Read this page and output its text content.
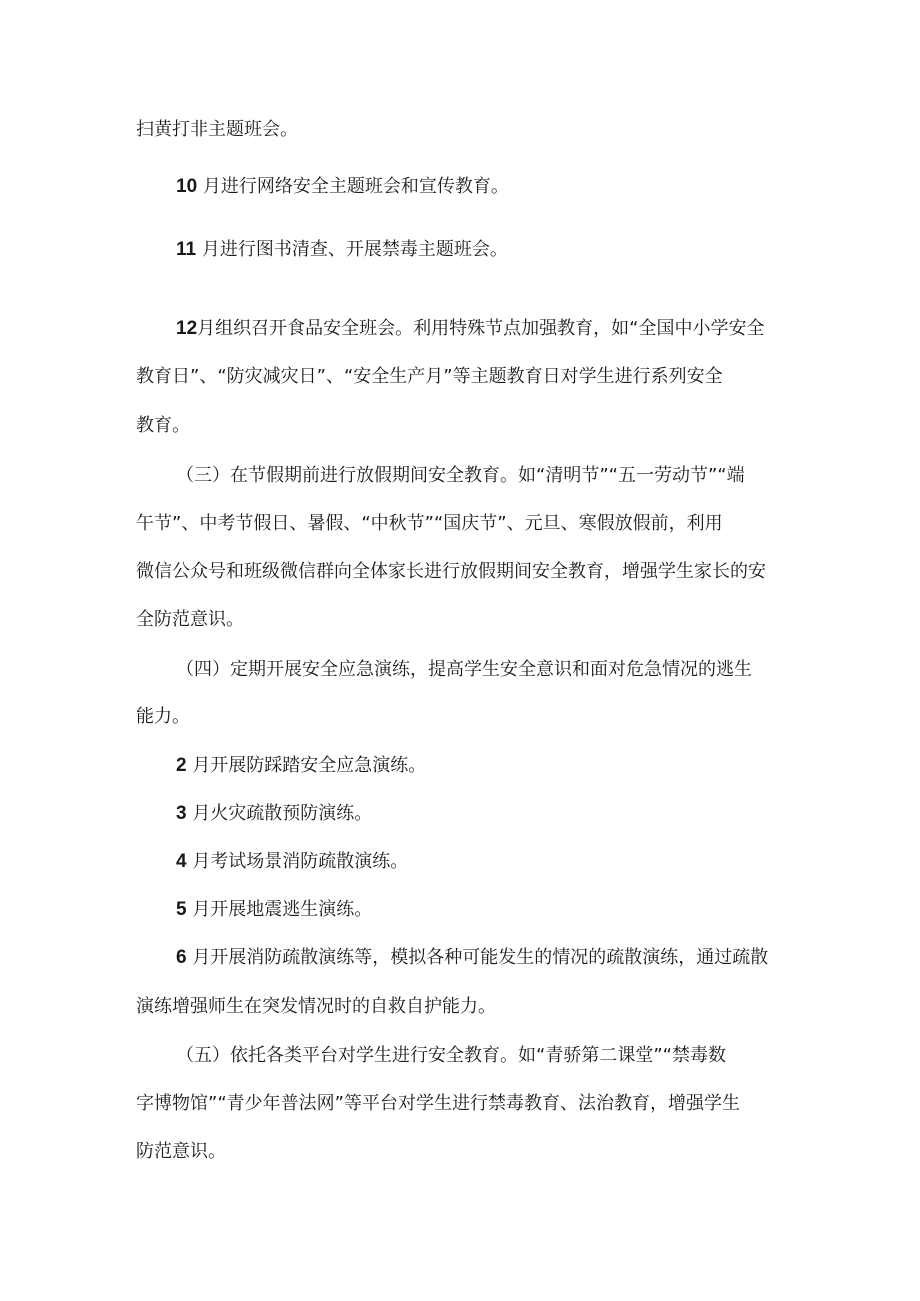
扫黄打非主题班会。

10 月进行网络安全主题班会和宣传教育。

11 月进行图书清查、开展禁毒主题班会。

12月组织召开食品安全班会。利用特殊节点加强教育，如“全国中小学安全

教育日”、“防灾减灾日”、“安全生产月”等主题教育日对学生进行系列安全

教育。

（三）在节假期前进行放假期间安全教育。如“清明节”“五一劳动节”“端

午节”、中考节假日、暑假、“中秋节”“国庆节”、元旦、寒假放假前，利用

微信公众号和班级微信群向全体家长进行放假期间安全教育，增强学生家长的安

全防范意识。

（四）定期开展安全应急演练，提高学生安全意识和面对危急情况的逃生

能力。

2 月开展防踩踏安全应急演练。

3 月火灾疏散预防演练。

4 月考试场景消防疏散演练。

5 月开展地震逃生演练。

6 月开展消防疏散演练等，模拟各种可能发生的情况的疏散演练，通过疏散

演练增强师生在突发情况时的自救自护能力。

（五）依托各类平台对学生进行安全教育。如“青骄第二课堂”“禁毒数

字博物馆”“青少年普法网”等平台对学生进行禁毒教育、法治教育，增强学生

防范意识。
